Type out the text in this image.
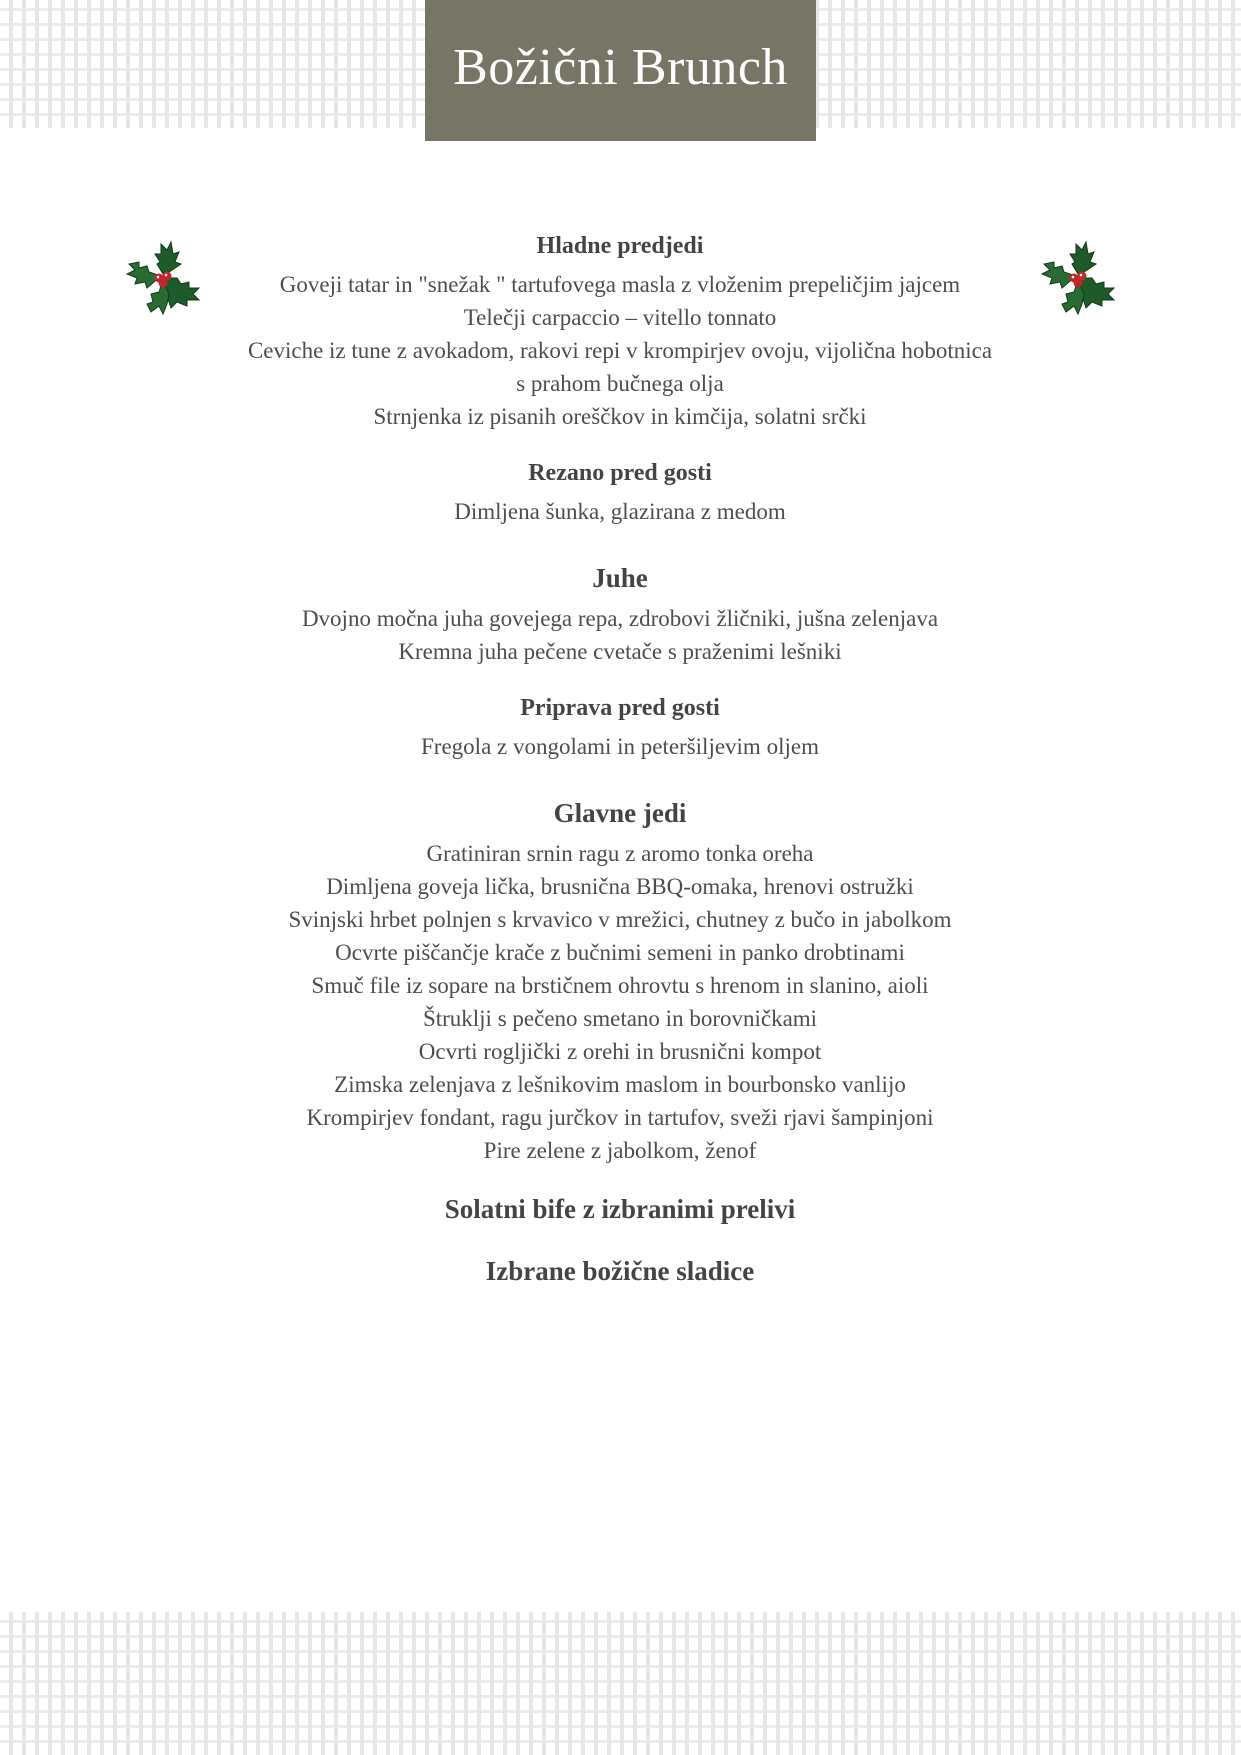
Božični Brunch
Hladne predjedi
Goveji tatar in "snežak " tartufovega masla z vloženim prepeličjim jajcem
Telečji carpaccio – vitello tonnato
Ceviche iz tune z avokadom, rakovi repi v krompirjev ovoju, vijolična hobotnica
s prahom bučnega olja
Strnjenka iz pisanih oreščkov in kimčija, solatni srčki
Rezano pred gosti
Dimljena šunka, glazirana z medom
Juhe
Dvojno močna juha govejega repa, zdrobovi žličniki, jušna zelenjava
Kremna juha pečene cvetače s praženimi lešniki
Priprava pred gosti
Fregola z vongolami in peteršiljevim oljem
Glavne jedi
Gratiniran srnin ragu z aromo tonka oreha
Dimljena goveja lička, brusnična BBQ-omaka, hrenovi ostružki
Svinjski hrbet polnjen s krvavico v mrežici, chutney z bučo in jabolkom
Ocvrte piščančje krače z bučnimi semeni in panko drobtinami
Smuč file iz sopare na brstičnem ohrovtu s hrenom in slanino, aioli
Štruklji s pečeno smetano in borovničkami
Ocvrti rogljički z orehi in brusnični kompot
Zimska zelenjava z lešnikovim maslom in bourbonsko vanlijo
Krompirjev fondant, ragu jurčkov in tartufov, sveži rjavi šampinjoni
Pire zelene z jabolkom, ženof
Solatni bife z izbranimi prelivi
Izbrane božične sladice
